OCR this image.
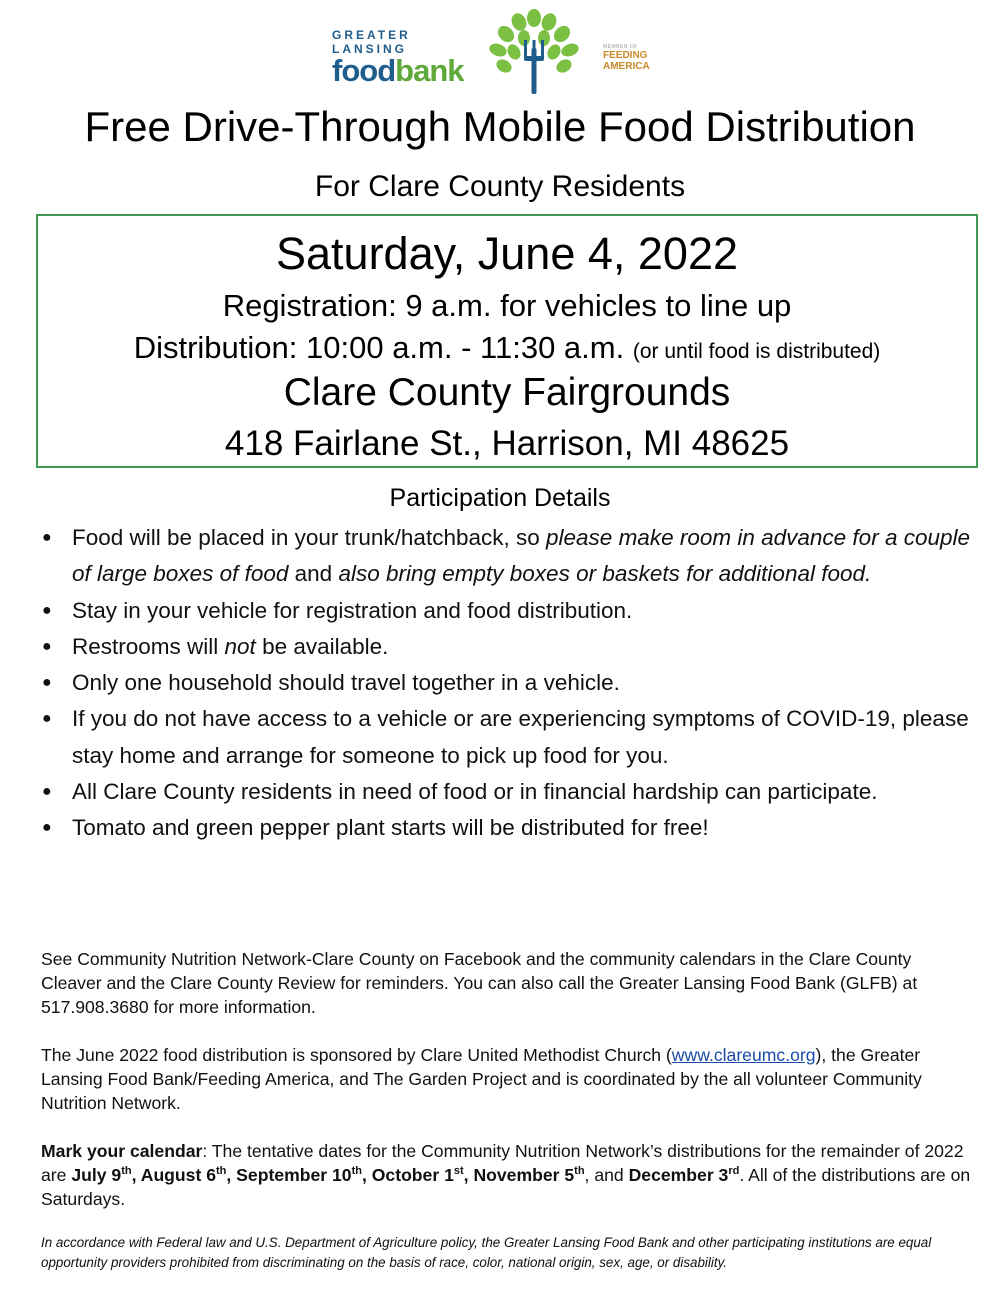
GREATER LANSING
foodbank
MEMBER OF
FEEDING
AMERICA
Free Drive-Through Mobile Food Distribution
For Clare County Residents
Saturday, June 4, 2022
Registration: 9 a.m. for vehicles to line up
Distribution: 10:00 a.m. - 11:30 a.m. (or until food is distributed)
Clare County Fairgrounds
418 Fairlane St., Harrison, MI 48625
Participation Details
● Food will be placed in your trunk/hatchback, so please make room in advance for a couple of large boxes of food and also bring empty boxes or baskets for additional food.
● Stay in your vehicle for registration and food distribution.
● Restrooms will not be available.
● Only one household should travel together in a vehicle.
● If you do not have access to a vehicle or are experiencing symptoms of COVID-19, please stay home and arrange for someone to pick up food for you.
● All Clare County residents in need of food or in financial hardship can participate.
● Tomato and green pepper plant starts will be distributed for free!
See Community Nutrition Network-Clare County on Facebook and the community calendars in the Clare County Cleaver and the Clare County Review for reminders. You can also call the Greater Lansing Food Bank (GLFB) at 517.908.3680 for more information.
The June 2022 food distribution is sponsored by Clare United Methodist Church (www.clareumc.org), the Greater Lansing Food Bank/Feeding America, and The Garden Project and is coordinated by the all volunteer Community Nutrition Network.
Mark your calendar: The tentative dates for the Community Nutrition Network’s distributions for the remainder of 2022 are July 9th, August 6th, September 10th, October 1st, November 5th, and December 3rd. All of the distributions are on Saturdays.
In accordance with Federal law and U.S. Department of Agriculture policy, the Greater Lansing Food Bank and other participating institutions are equal opportunity providers prohibited from discriminating on the basis of race, color, national origin, sex, age, or disability.
